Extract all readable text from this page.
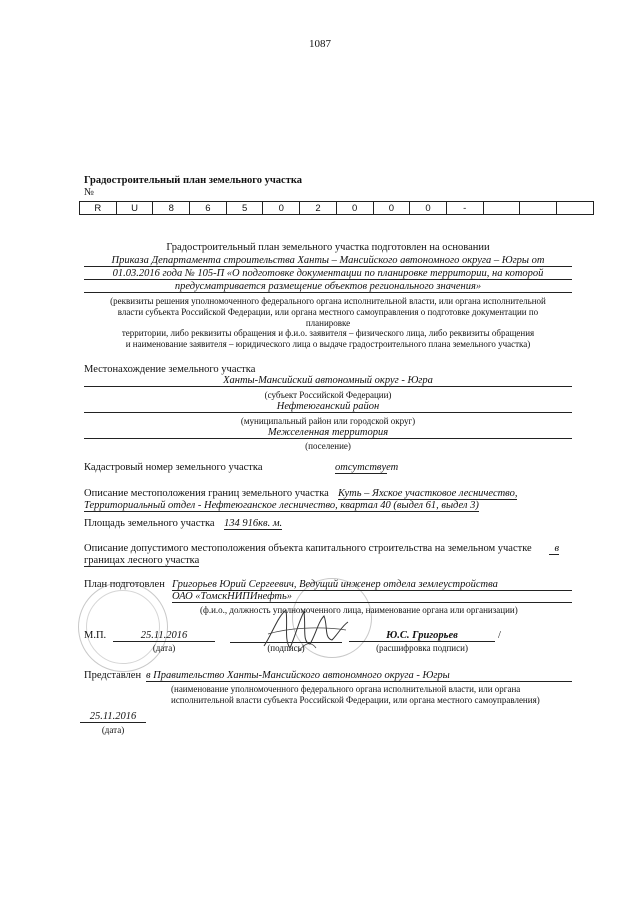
1087
Градостроительный план земельного участка
№
R	U	8	6	5	0	2	0	0	0	-			
Градостроительный план земельного участка подготовлен на основании
Приказа Департамента строительства Ханты – Мансийского автономного округа – Югры от
01.03.2016 года № 105-П «О подготовке документации по планировке территории, на которой
предусматривается размещение объектов регионального значения»
(реквизиты решения уполномоченного федерального органа исполнительной власти, или органа исполнительной
власти субъекта Российской Федерации, или органа местного самоуправления о подготовке документации по
планировке
территории, либо реквизиты обращения и ф.и.о. заявителя – физического лица, либо реквизиты обращения
и наименование заявителя – юридического лица о выдаче градостроительного плана земельного участка)
Местонахождение земельного участка
Ханты-Мансийский автономный округ - Югра
(субъект Российской Федерации)
Нефтеюганский район
(муниципальный район или городской округ)
Межселенная территория
(поселение)
Кадастровый номер земельного участка	отсутствует
Описание местоположения границ земельного участка Куть – Яхское участковое лесничество,
Территориальный отдел - Нефтеюганское лесничество, квартал 40 (выдел 61, выдел 3)
Площадь земельного участка 134 916кв. м.
Описание допустимого местоположения объекта капитального строительства на земельном участке	в
границах лесного участка
План подготовлен Григорьев Юрий Сергеевич, Ведущий инженер отдела землеустройства
ОАО «ТомскНИПИнефть»
(ф.и.о., должность уполномоченного лица, наименование органа или организации)
М.П.	25.11.2016
(дата)	(подпись)
Ю.С. Григорьев	/
(расшифровка подписи)
Представлен в Правительство Ханты-Мансийского автономного округа - Югры
(наименование уполномоченного федерального органа исполнительной власти, или органа
исполнительной власти субъекта Российской Федерации, или органа местного самоуправления)
25.11.2016
(дата)
